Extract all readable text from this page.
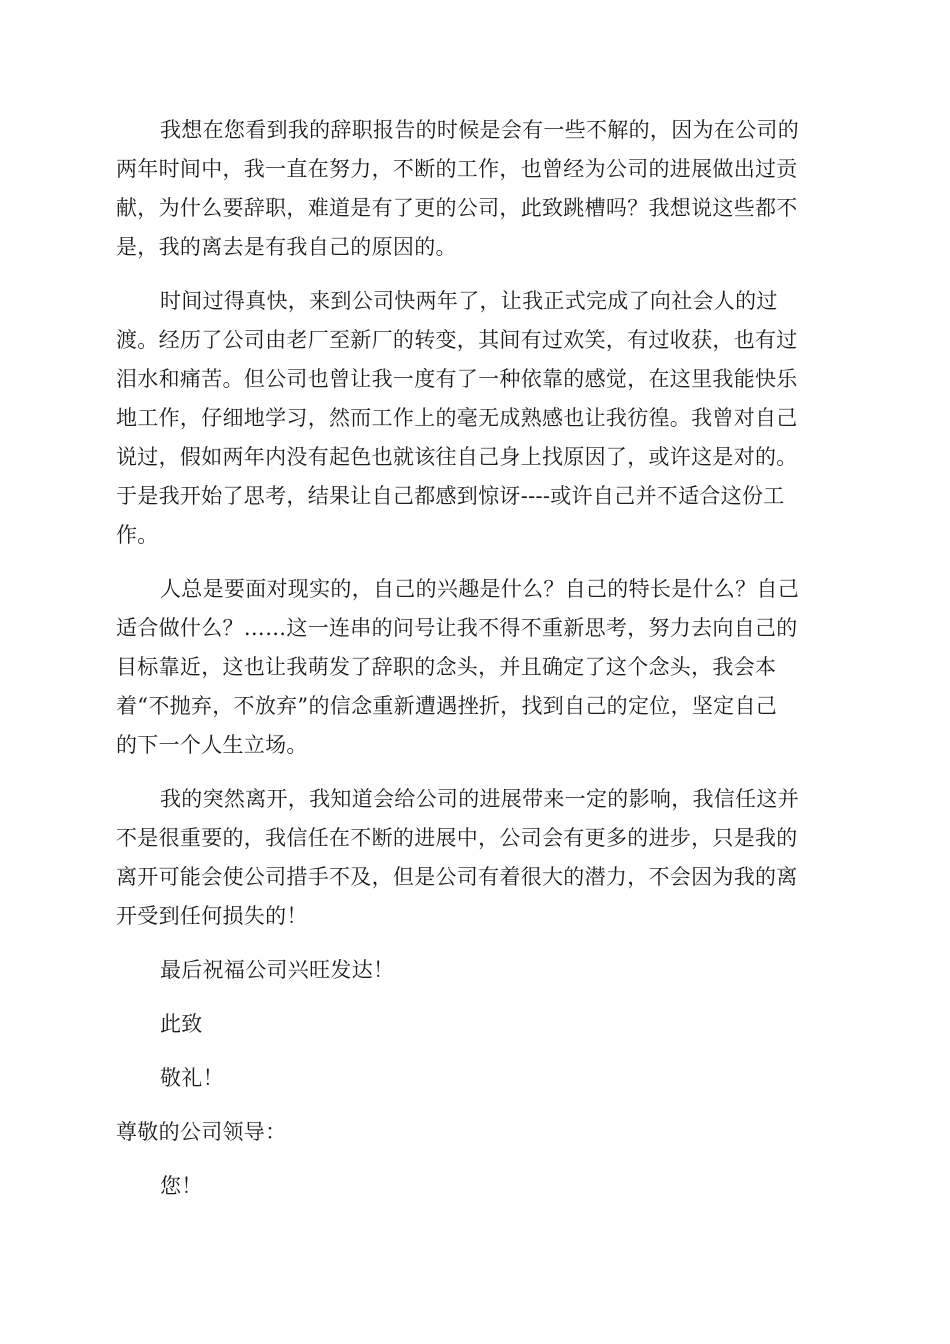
我想在您看到我的辞职报告的时候是会有一些不解的，因为在公司的
两年时间中，我一直在努力，不断的工作，也曾经为公司的进展做出过贡
献，为什么要辞职，难道是有了更的公司，此致跳槽吗？我想说这些都不
是，我的离去是有我自己的原因的。

时间过得真快，来到公司快两年了，让我正式完成了向社会人的过
渡。经历了公司由老厂至新厂的转变，其间有过欢笑，有过收获，也有过
泪水和痛苦。但公司也曾让我一度有了一种依靠的感觉，在这里我能快乐
地工作，仔细地学习，然而工作上的毫无成熟感也让我彷徨。我曾对自己
说过，假如两年内没有起色也就该往自己身上找原因了，或许这是对的。
于是我开始了思考，结果让自己都感到惊讶----或许自己并不适合这份工
作。

人总是要面对现实的，自己的兴趣是什么？自己的特长是什么？自己
适合做什么？……这一连串的问号让我不得不重新思考，努力去向自己的
目标靠近，这也让我萌发了辞职的念头，并且确定了这个念头，我会本
着“不抛弃，不放弃”的信念重新遭遇挫折，找到自己的定位，坚定自己
的下一个人生立场。

我的突然离开，我知道会给公司的进展带来一定的影响，我信任这并
不是很重要的，我信任在不断的进展中，公司会有更多的进步，只是我的
离开可能会使公司措手不及，但是公司有着很大的潜力，不会因为我的离
开受到任何损失的！

最后祝福公司兴旺发达！

此致

敬礼！

尊敬的公司领导：

您！
